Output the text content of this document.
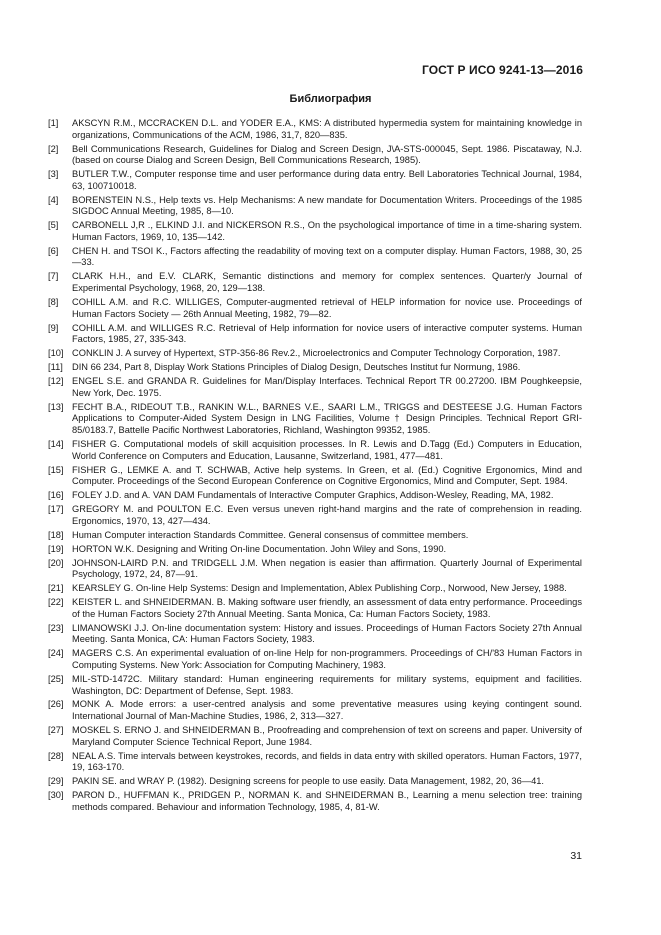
ГОСТ Р ИСО 9241-13—2016
Библиография
[1]	AKSCYN R.M., MCCRACKEN D.L. and YODER E.A., KMS: A distributed hypermedia system for maintaining knowledge in organizations, Communications of the ACM, 1986, 31,7, 820—835.
[2]	Bell Communications Research, Guidelines for Dialog and Screen Design, J\A-STS-000045, Sept. 1986. Piscataway, N.J. (based on course Dialog and Screen Design, Bell Communications Research, 1985).
[3]	BUTLER T.W., Computer response time and user performance during data entry. Bell Laboratories Technical Journal, 1984, 63, 100710018.
[4]	BORENSTEIN N.S., Help texts vs. Help Mechanisms: A new mandate for Documentation Writers. Proceedings of the 1985 SIGDOC Annual Meeting, 1985, 8—10.
[5]	CARBONELL J,R ., ELKIND J.I. and NICKERSON R.S., On the psychological importance of time in a time-sharing system. Human Factors, 1969, 10, 135—142.
[6]	CHEN H. and TSOI K., Factors affecting the readability of moving text on a computer display. Human Factors, 1988, 30, 25—33.
[7]	CLARK H.H., and E.V. CLARK, Semantic distinctions and memory for complex sentences. Quarter/y Journal of Experimental Psychology, 1968, 20, 129—138.
[8]	COHILL A.M. and R.C. WILLIGES, Computer-augmented retrieval of HELP information for novice use. Proceedings of Human Factors Society — 26th Annual Meeting, 1982, 79—82.
[9]	COHILL A.M. and WILLIGES R.C. Retrieval of Help information for novice users of interactive computer systems. Human Factors, 1985, 27, 335-343.
[10] CONKLIN J. A survey of Hypertext, STP-356-86 Rev.2., Microelectronics and Computer Technology Corporation, 1987.
[11] DIN 66 234, Part 8, Display Work Stations Principles of Dialog Design, Deutsches Institut fur Normung, 1986.
[12] ENGEL S.E. and GRANDA R. Guidelines for Man/Display Interfaces. Technical Report TR 00.27200. IBM Poughkeepsie, New York, Dec. 1975.
[13] FECHT B.A., RIDEOUT T.B., RANKIN W.L., BARNES V.E., SAARI L.M., TRIGGS and DESTEESE J.G. Human Factors Applications to Computer-Aided System Design in LNG Facilities, Volume † Design Principles. Technical Report GRI-85/0183.7, Battelle Pacific Northwest Laboratories, Richland, Washington 99352, 1985.
[14] FISHER G. Computational models of skill acquisition processes. In R. Lewis and D.Tagg (Ed.) Computers in Education, World Conference on Computers and Education, Lausanne, Switzerland, 1981, 477—481.
[15] FISHER G., LEMKE A. and T. SCHWAB, Active help systems. In Green, et al. (Ed.) Cognitive Ergonomics, Mind and Computer. Proceedings of the Second European Conference on Cognitive Ergonomics, Mind and Computer, Sept. 1984.
[16] FOLEY J.D. and A. VAN DAM Fundamentals of Interactive Computer Graphics, Addison-Wesley, Reading, MA, 1982.
[17] GREGORY M. and POULTON E.C. Even versus uneven right-hand margins and the rate of comprehension in reading. Ergonomics, 1970, 13, 427—434.
[18] Human Computer interaction Standards Committee. General consensus of committee members.
[19] HORTON W.K. Designing and Writing On-line Documentation. John Wiley and Sons, 1990.
[20] JOHNSON-LAIRD P.N. and TRIDGELL J.M. When negation is easier than affirmation. Quarterly Journal of Experimental Psychology, 1972, 24, 87—91.
[21] KEARSLEY G. On-line Help Systems: Design and Implementation, Ablex Publishing Corp., Norwood, New Jersey, 1988.
[22] KEISTER L. and SHNEIDERMAN. B. Making software user friendly, an assessment of data entry performance. Proceedings of the Human Factors Society 27th Annual Meeting. Santa Monica, Ca: Human Factors Society, 1983.
[23] LIMANOWSKI J.J. On-line documentation system: History and issues. Proceedings of Human Factors Society 27th Annual Meeting. Santa Monica, CA: Human Factors Society, 1983.
[24] MAGERS C.S. An experimental evaluation of on-line Help for non-programmers. Proceedings of CH/'83 Human Factors in Computing Systems. New York: Association for Computing Machinery, 1983.
[25] MIL-STD-1472C. Military standard: Human engineering requirements for military systems, equipment and facilities. Washington, DC: Department of Defense, Sept. 1983.
[26] MONK A. Mode errors: a user-centred analysis and some preventative measures using keying contingent sound. International Journal of Man-Machine Studies, 1986, 2, 313—327.
[27] MOSKEL S. ERNO J. and SHNEIDERMAN B., Proofreading and comprehension of text on screens and paper. University of Maryland Computer Science Technical Report, June 1984.
[28] NEAL A.S. Time intervals between keystrokes, records, and fields in data entry with skilled operators. Human Factors, 1977, 19, 163-170.
[29] PAKIN SE. and WRAY P. (1982). Designing screens for people to use easily. Data Management, 1982, 20, 36—41.
[30] PARON D., HUFFMAN K., PRIDGEN P., NORMAN K. and SHNEIDERMAN B., Learning a menu selection tree: training methods compared. Behaviour and information Technology, 1985, 4, 81-W.
31
